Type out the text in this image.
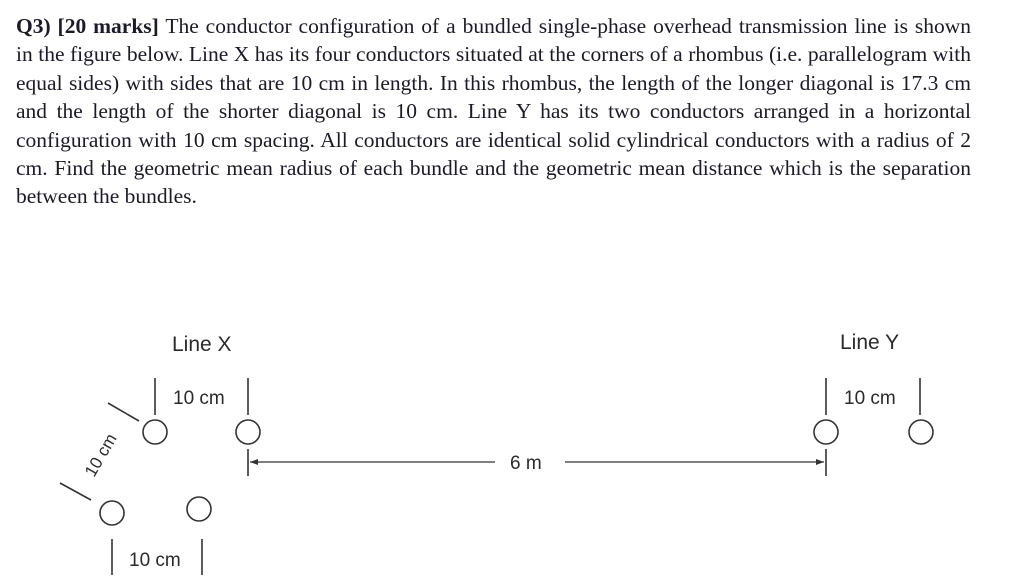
Q3) [20 marks] The conductor configuration of a bundled single-phase overhead transmission line is shown in the figure below. Line X has its four conductors situated at the corners of a rhombus (i.e. parallelogram with equal sides) with sides that are 10 cm in length. In this rhombus, the length of the longer diagonal is 17.3 cm and the length of the shorter diagonal is 10 cm. Line Y has its two conductors arranged in a horizontal configuration with 10 cm spacing. All conductors are identical solid cylindrical conductors with a radius of 2 cm. Find the geometric mean radius of each bundle and the geometric mean distance which is the separation between the bundles.

Line X	Line Y
10 cm
10 cm
10 cm
6 m
10 cm
